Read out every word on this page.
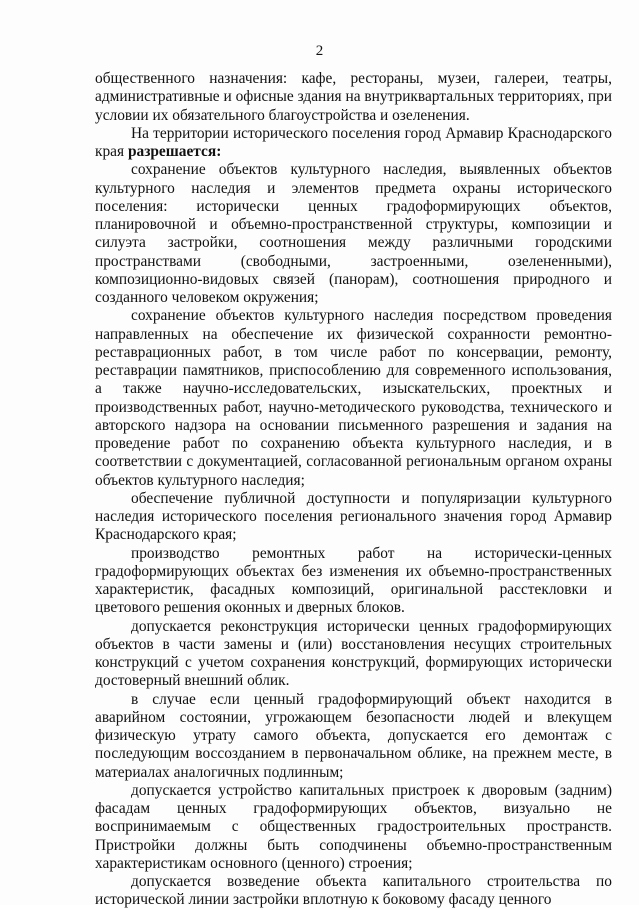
2

общественного назначения: кафе, рестораны, музеи, галереи, театры, административные и офисные здания на внутриквартальных территориях, при условии их обязательного благоустройства и озеленения.

На территории исторического поселения город Армавир Краснодарского края разрешается:

сохранение объектов культурного наследия, выявленных объектов культурного наследия и элементов предмета охраны исторического поселения: исторически ценных градоформирующих объектов, планировочной и объемно-пространственной структуры, композиции и силуэта застройки, соотношения между различными городскими пространствами (свободными, застроенными, озелененными), композиционно-видовых связей (панорам), соотношения природного и созданного человеком окружения;

сохранение объектов культурного наследия посредством проведения направленных на обеспечение их физической сохранности ремонтно-реставрационных работ, в том числе работ по консервации, ремонту, реставрации памятников, приспособлению для современного использования, а также научно-исследовательских, изыскательских, проектных и производственных работ, научно-методического руководства, технического и авторского надзора на основании письменного разрешения и задания на проведение работ по сохранению объекта культурного наследия, и в соответствии с документацией, согласованной региональным органом охраны объектов культурного наследия;

обеспечение публичной доступности и популяризации культурного наследия исторического поселения регионального значения город Армавир Краснодарского края;

производство ремонтных работ на исторически-ценных градоформирующих объектах без изменения их объемно-пространственных характеристик, фасадных композиций, оригинальной расстекловки и цветового решения оконных и дверных блоков.

допускается реконструкция исторически ценных градоформирующих объектов в части замены и (или) восстановления несущих строительных конструкций с учетом сохранения конструкций, формирующих исторически достоверный внешний облик.

в случае если ценный градоформирующий объект находится в аварийном состоянии, угрожающем безопасности людей и влекущем физическую утрату самого объекта, допускается его демонтаж с последующим воссозданием в первоначальном облике, на прежнем месте, в материалах аналогичных подлинным;

допускается устройство капитальных пристроек к дворовым (задним) фасадам ценных градоформирующих объектов, визуально не воспринимаемым с общественных градостроительных пространств. Пристройки должны быть соподчинены объемно-пространственным характеристикам основного (ценного) строения;

допускается возведение объекта капитального строительства по исторической линии застройки вплотную к боковому фасаду ценного
